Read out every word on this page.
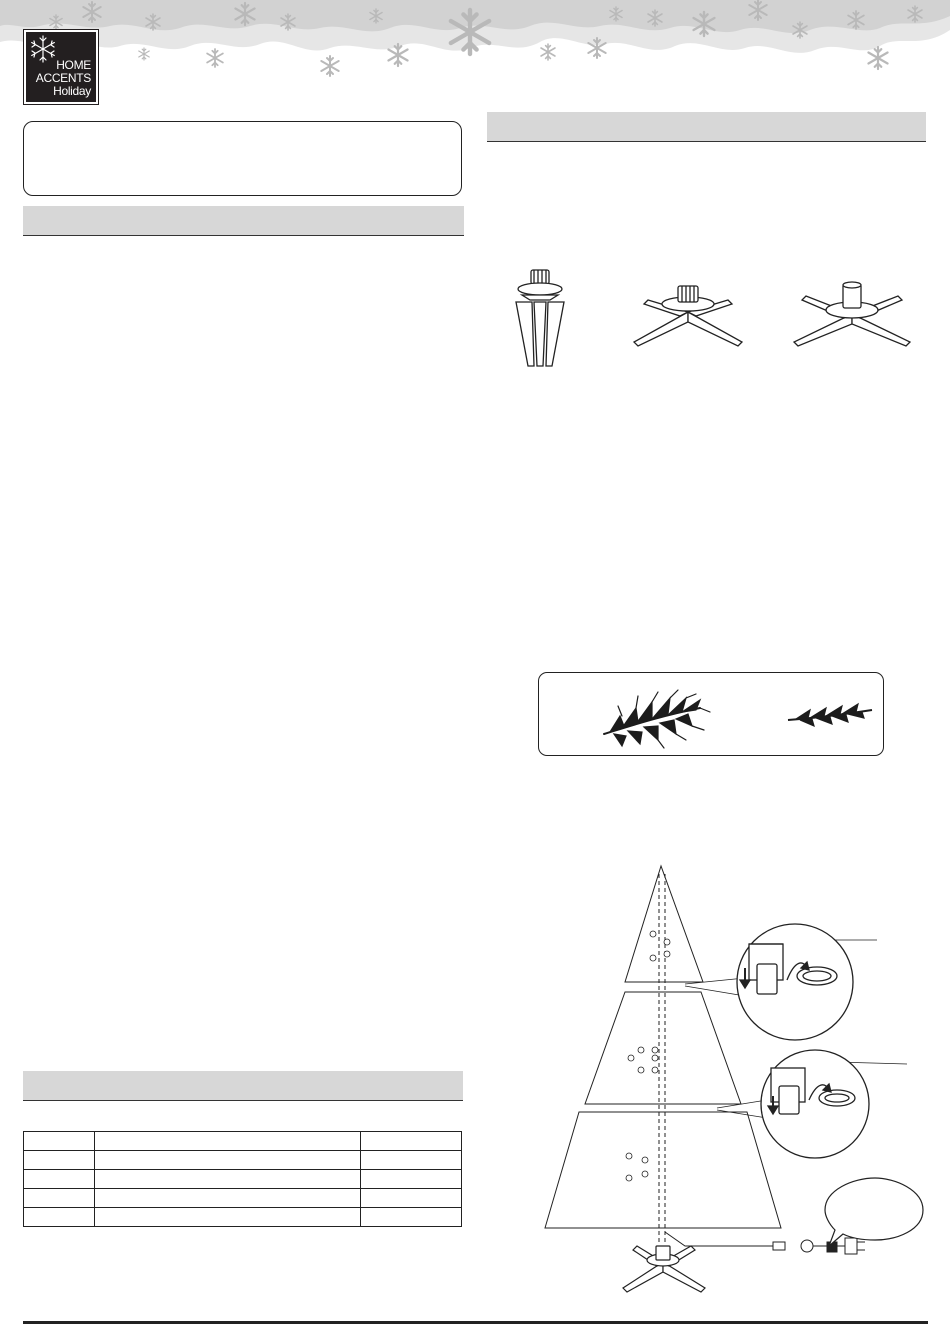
HOME
ACCENTS
Holiday
